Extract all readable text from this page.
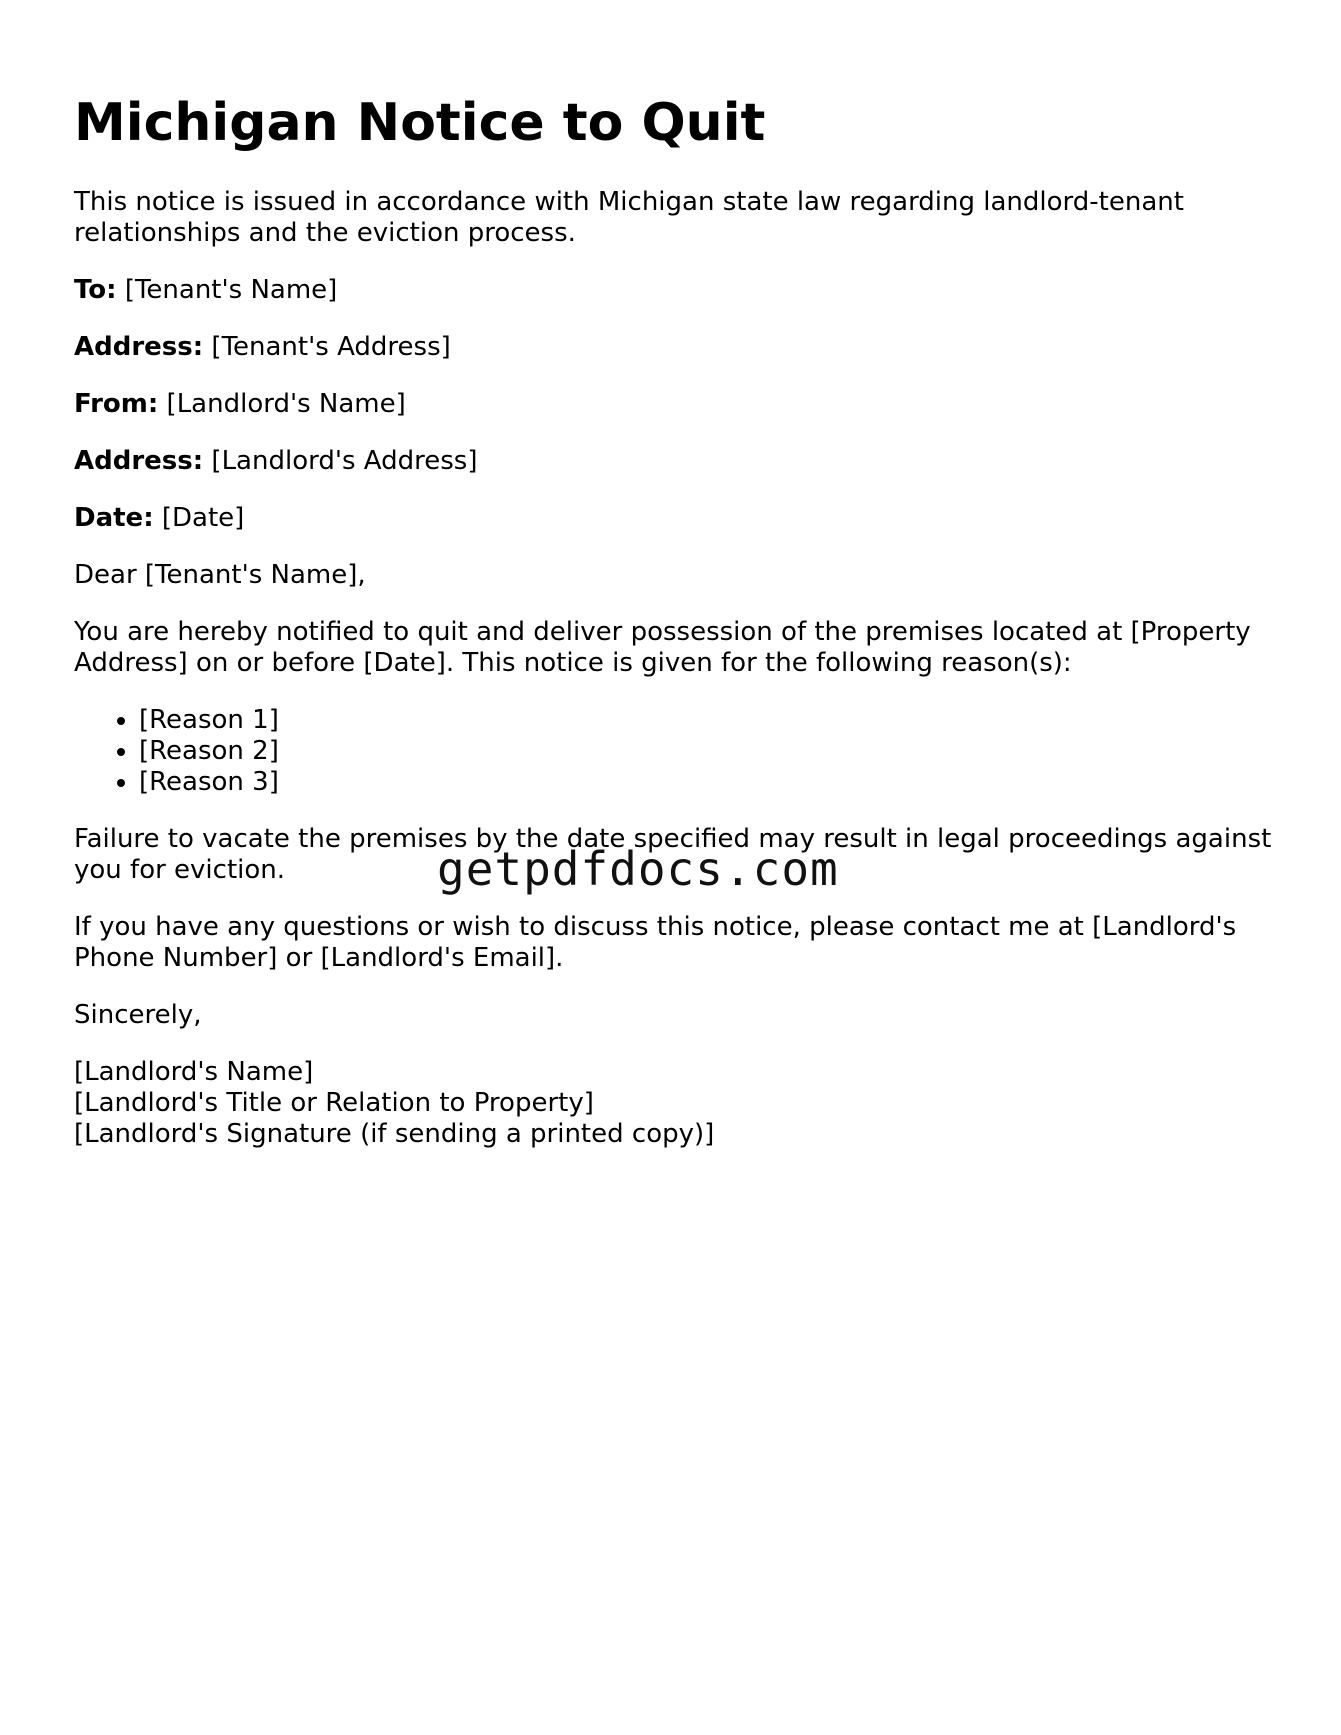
Michigan Notice to Quit

This notice is issued in accordance with Michigan state law regarding landlord-tenant relationships and the eviction process.

To: [Tenant's Name]

Address: [Tenant's Address]

From: [Landlord's Name]

Address: [Landlord's Address]

Date: [Date]

Dear [Tenant's Name],

You are hereby notified to quit and deliver possession of the premises located at [Property Address] on or before [Date]. This notice is given for the following reason(s):

• [Reason 1]
• [Reason 2]
• [Reason 3]

Failure to vacate the premises by the date specified may result in legal proceedings against you for eviction.

If you have any questions or wish to discuss this notice, please contact me at [Landlord's Phone Number] or [Landlord's Email].

Sincerely,

[Landlord's Name]
[Landlord's Title or Relation to Property]
[Landlord's Signature (if sending a printed copy)]
getpdfdocs.com
